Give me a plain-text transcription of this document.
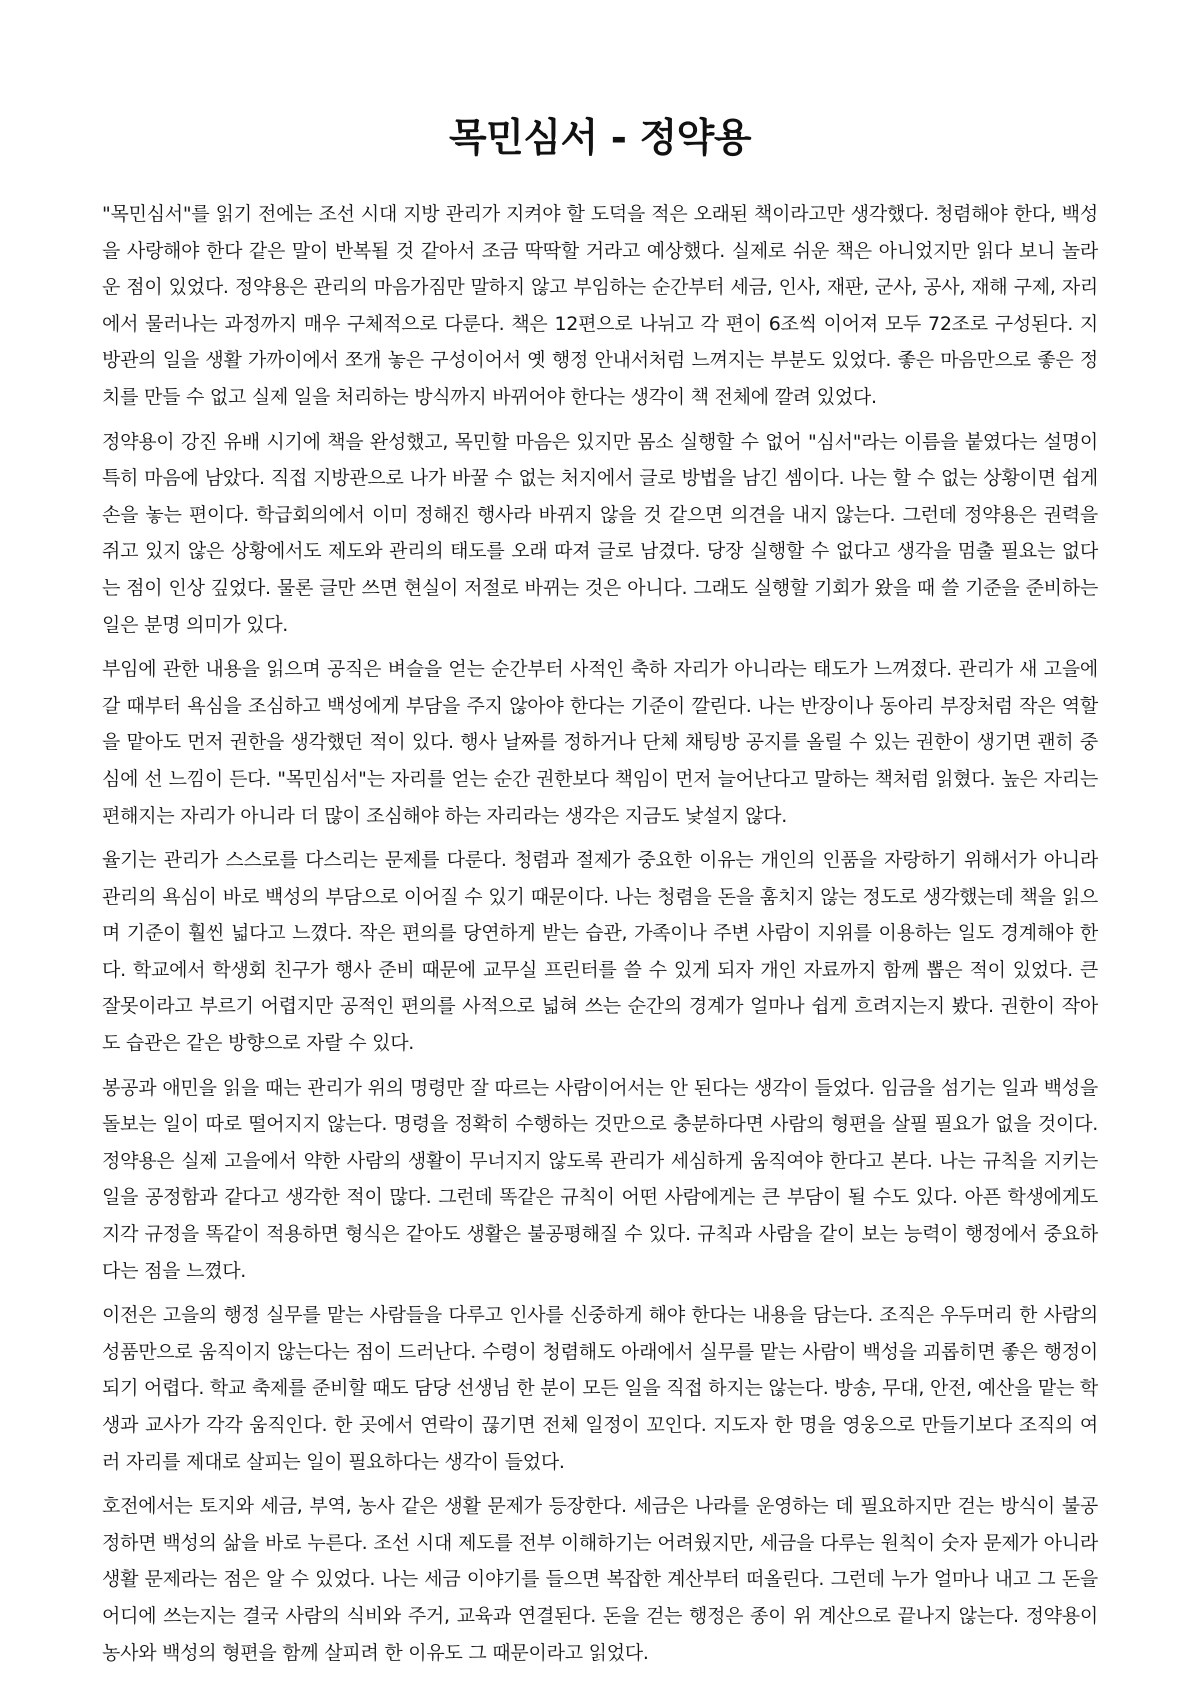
목민심서 - 정약용

"목민심서"를 읽기 전에는 조선 시대 지방 관리가 지켜야 할 도덕을 적은 오래된 책이라고만 생각했다. 청렴해야 한다, 백성을 사랑해야 한다 같은 말이 반복될 것 같아서 조금 딱딱할 거라고 예상했다. 실제로 쉬운 책은 아니었지만 읽다 보니 놀라운 점이 있었다. 정약용은 관리의 마음가짐만 말하지 않고 부임하는 순간부터 세금, 인사, 재판, 군사, 공사, 재해 구제, 자리에서 물러나는 과정까지 매우 구체적으로 다룬다. 책은 12편으로 나뉘고 각 편이 6조씩 이어져 모두 72조로 구성된다. 지방관의 일을 생활 가까이에서 쪼개 놓은 구성이어서 옛 행정 안내서처럼 느껴지는 부분도 있었다. 좋은 마음만으로 좋은 정치를 만들 수 없고 실제 일을 처리하는 방식까지 바뀌어야 한다는 생각이 책 전체에 깔려 있었다.

정약용이 강진 유배 시기에 책을 완성했고, 목민할 마음은 있지만 몸소 실행할 수 없어 "심서"라는 이름을 붙였다는 설명이 특히 마음에 남았다. 직접 지방관으로 나가 바꿀 수 없는 처지에서 글로 방법을 남긴 셈이다. 나는 할 수 없는 상황이면 쉽게 손을 놓는 편이다. 학급회의에서 이미 정해진 행사라 바뀌지 않을 것 같으면 의견을 내지 않는다. 그런데 정약용은 권력을 쥐고 있지 않은 상황에서도 제도와 관리의 태도를 오래 따져 글로 남겼다. 당장 실행할 수 없다고 생각을 멈출 필요는 없다는 점이 인상 깊었다. 물론 글만 쓰면 현실이 저절로 바뀌는 것은 아니다. 그래도 실행할 기회가 왔을 때 쓸 기준을 준비하는 일은 분명 의미가 있다.

부임에 관한 내용을 읽으며 공직은 벼슬을 얻는 순간부터 사적인 축하 자리가 아니라는 태도가 느껴졌다. 관리가 새 고을에 갈 때부터 욕심을 조심하고 백성에게 부담을 주지 않아야 한다는 기준이 깔린다. 나는 반장이나 동아리 부장처럼 작은 역할을 맡아도 먼저 권한을 생각했던 적이 있다. 행사 날짜를 정하거나 단체 채팅방 공지를 올릴 수 있는 권한이 생기면 괜히 중심에 선 느낌이 든다. "목민심서"는 자리를 얻는 순간 권한보다 책임이 먼저 늘어난다고 말하는 책처럼 읽혔다. 높은 자리는 편해지는 자리가 아니라 더 많이 조심해야 하는 자리라는 생각은 지금도 낯설지 않다.

율기는 관리가 스스로를 다스리는 문제를 다룬다. 청렴과 절제가 중요한 이유는 개인의 인품을 자랑하기 위해서가 아니라 관리의 욕심이 바로 백성의 부담으로 이어질 수 있기 때문이다. 나는 청렴을 돈을 훔치지 않는 정도로 생각했는데 책을 읽으며 기준이 훨씬 넓다고 느꼈다. 작은 편의를 당연하게 받는 습관, 가족이나 주변 사람이 지위를 이용하는 일도 경계해야 한다. 학교에서 학생회 친구가 행사 준비 때문에 교무실 프린터를 쓸 수 있게 되자 개인 자료까지 함께 뽑은 적이 있었다. 큰 잘못이라고 부르기 어렵지만 공적인 편의를 사적으로 넓혀 쓰는 순간의 경계가 얼마나 쉽게 흐려지는지 봤다. 권한이 작아도 습관은 같은 방향으로 자랄 수 있다.

봉공과 애민을 읽을 때는 관리가 위의 명령만 잘 따르는 사람이어서는 안 된다는 생각이 들었다. 임금을 섬기는 일과 백성을 돌보는 일이 따로 떨어지지 않는다. 명령을 정확히 수행하는 것만으로 충분하다면 사람의 형편을 살필 필요가 없을 것이다. 정약용은 실제 고을에서 약한 사람의 생활이 무너지지 않도록 관리가 세심하게 움직여야 한다고 본다. 나는 규칙을 지키는 일을 공정함과 같다고 생각한 적이 많다. 그런데 똑같은 규칙이 어떤 사람에게는 큰 부담이 될 수도 있다. 아픈 학생에게도 지각 규정을 똑같이 적용하면 형식은 같아도 생활은 불공평해질 수 있다. 규칙과 사람을 같이 보는 능력이 행정에서 중요하다는 점을 느꼈다.

이전은 고을의 행정 실무를 맡는 사람들을 다루고 인사를 신중하게 해야 한다는 내용을 담는다. 조직은 우두머리 한 사람의 성품만으로 움직이지 않는다는 점이 드러난다. 수령이 청렴해도 아래에서 실무를 맡는 사람이 백성을 괴롭히면 좋은 행정이 되기 어렵다. 학교 축제를 준비할 때도 담당 선생님 한 분이 모든 일을 직접 하지는 않는다. 방송, 무대, 안전, 예산을 맡는 학생과 교사가 각각 움직인다. 한 곳에서 연락이 끊기면 전체 일정이 꼬인다. 지도자 한 명을 영웅으로 만들기보다 조직의 여러 자리를 제대로 살피는 일이 필요하다는 생각이 들었다.

호전에서는 토지와 세금, 부역, 농사 같은 생활 문제가 등장한다. 세금은 나라를 운영하는 데 필요하지만 걷는 방식이 불공정하면 백성의 삶을 바로 누른다. 조선 시대 제도를 전부 이해하기는 어려웠지만, 세금을 다루는 원칙이 숫자 문제가 아니라 생활 문제라는 점은 알 수 있었다. 나는 세금 이야기를 들으면 복잡한 계산부터 떠올린다. 그런데 누가 얼마나 내고 그 돈을 어디에 쓰는지는 결국 사람의 식비와 주거, 교육과 연결된다. 돈을 걷는 행정은 종이 위 계산으로 끝나지 않는다. 정약용이 농사와 백성의 형편을 함께 살피려 한 이유도 그 때문이라고 읽었다.
